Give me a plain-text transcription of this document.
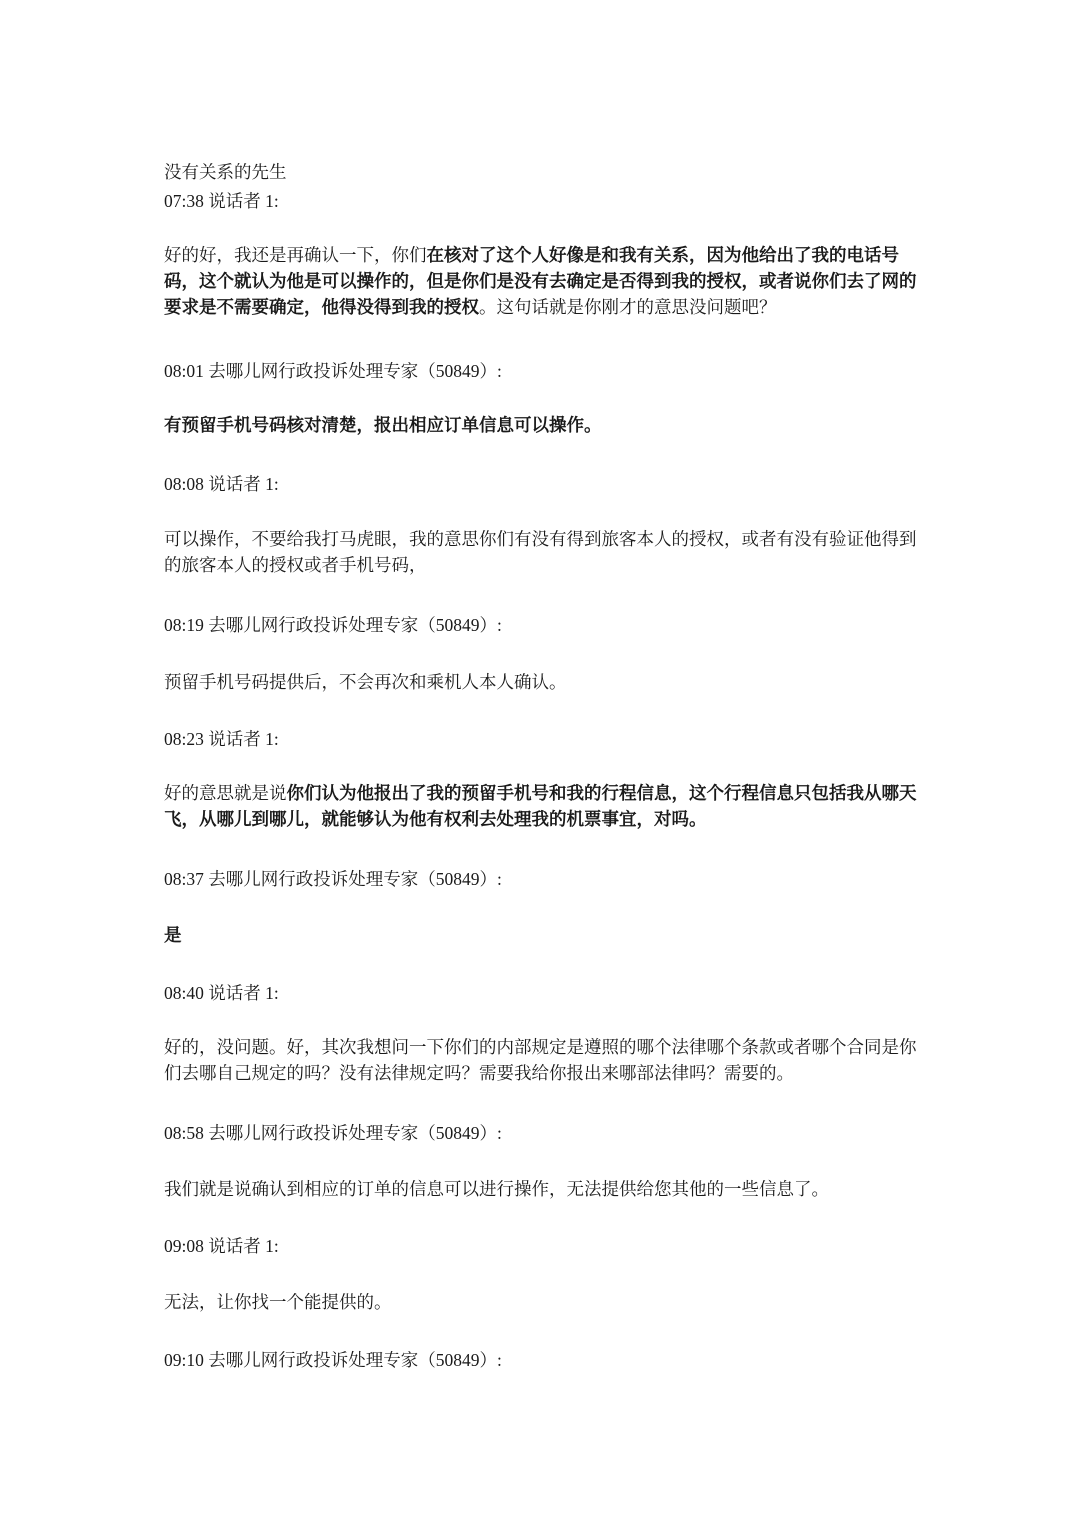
没有关系的先生
07:38 说话者 1:
好的好，我还是再确认一下，你们在核对了这个人好像是和我有关系，因为他给出了我的电话号码，这个就认为他是可以操作的，但是你们是没有去确定是否得到我的授权，或者说你们去了网的要求是不需要确定，他得没得到我的授权。这句话就是你刚才的意思没问题吧？
08:01 去哪儿网行政投诉处理专家（50849）:
有预留手机号码核对清楚，报出相应订单信息可以操作。
08:08 说话者 1:
可以操作，不要给我打马虎眼，我的意思你们有没有得到旅客本人的授权，或者有没有验证他得到的旅客本人的授权或者手机号码，
08:19 去哪儿网行政投诉处理专家（50849）:
预留手机号码提供后，不会再次和乘机人本人确认。
08:23 说话者 1:
好的意思就是说你们认为他报出了我的预留手机号和我的行程信息，这个行程信息只包括我从哪天飞，从哪儿到哪儿，就能够认为他有权利去处理我的机票事宜，对吗。
08:37 去哪儿网行政投诉处理专家（50849）:
是
08:40 说话者 1:
好的，没问题。好，其次我想问一下你们的内部规定是遵照的哪个法律哪个条款或者哪个合同是你们去哪自己规定的吗？没有法律规定吗？需要我给你报出来哪部法律吗？需要的。
08:58 去哪儿网行政投诉处理专家（50849）:
我们就是说确认到相应的订单的信息可以进行操作，无法提供给您其他的一些信息了。
09:08 说话者 1:
无法，让你找一个能提供的。
09:10 去哪儿网行政投诉处理专家（50849）:
